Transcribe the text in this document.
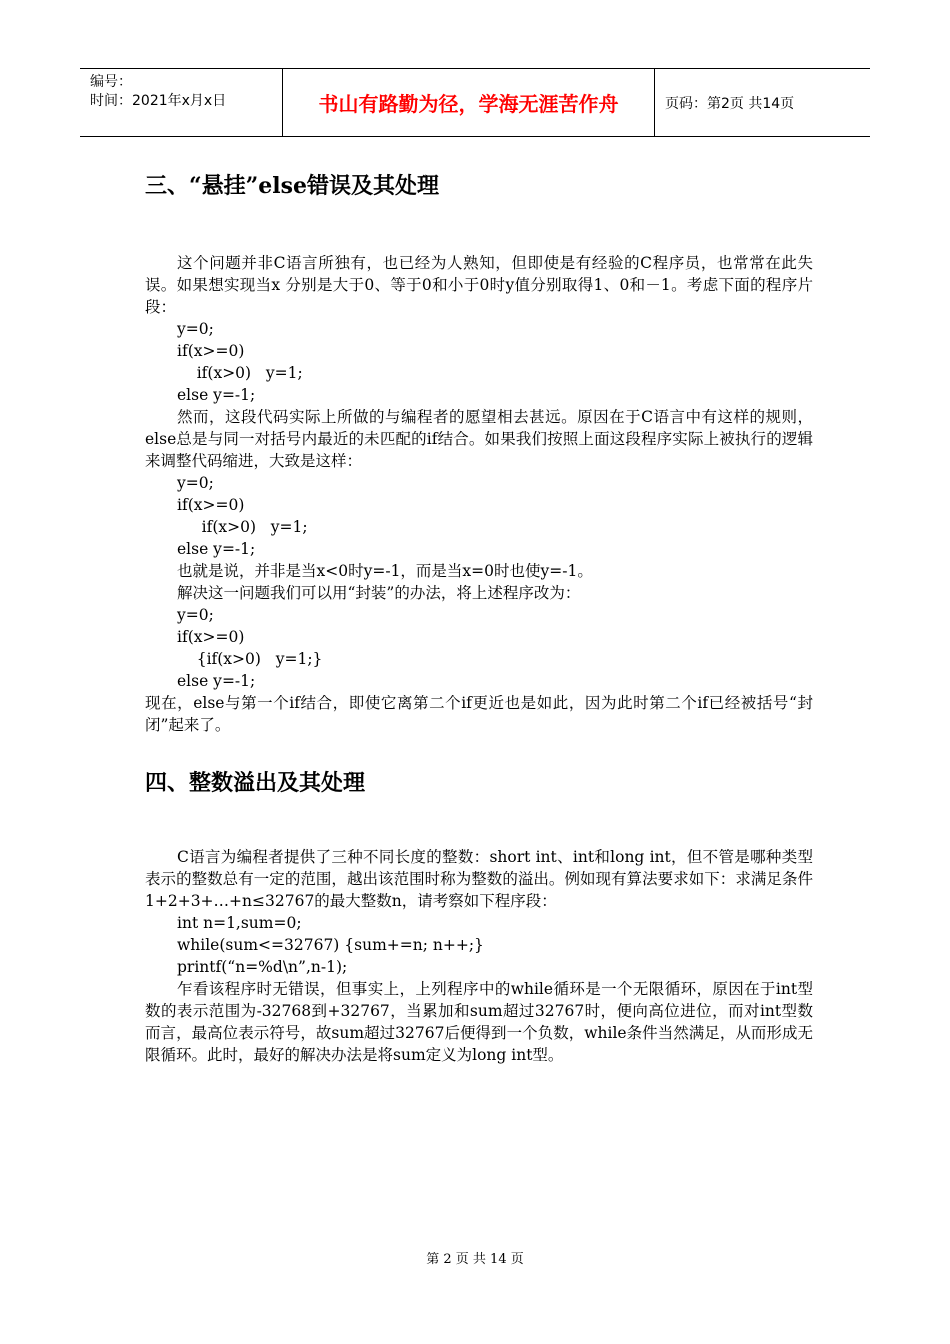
编号：
时间：2021年x月x日	书山有路勤为径，学海无涯苦作舟	页码：第2页 共14页
三、“悬挂”else错误及其处理

这个问题并非C语言所独有，也已经为人熟知，但即使是有经验的C程序员，也常常在此失误。如果想实现当x 分别是大于0、等于0和小于0时y值分别取得1、0和－1。考虑下面的程序片段：

y=0;
if(x>=0)
if(x>0)   y=1;
else y=-1;

然而，这段代码实际上所做的与编程者的愿望相去甚远。原因在于C语言中有这样的规则，else总是与同一对括号内最近的未匹配的if结合。如果我们按照上面这段程序实际上被执行的逻辑来调整代码缩进，大致是这样：

y=0;
if(x>=0)
if(x>0)   y=1;
else y=-1;

也就是说，并非是当x<0时y=-1，而是当x=0时也使y=-1。

解决这一问题我们可以用“封装”的办法，将上述程序改为：

y=0;
if(x>=0)
{if(x>0)   y=1;}
else y=-1;

现在，else与第一个if结合，即使它离第二个if更近也是如此，因为此时第二个if已经被括号“封闭”起来了。

四、整数溢出及其处理

C语言为编程者提供了三种不同长度的整数：short int、int和long int，但不管是哪种类型表示的整数总有一定的范围，越出该范围时称为整数的溢出。例如现有算法要求如下：求满足条件1+2+3+…+n≤32767的最大整数n，请考察如下程序段：

int n=1,sum=0;
while(sum<=32767) {sum+=n; n++;}
printf(“n=%d\n”,n-1);

乍看该程序时无错误，但事实上，上列程序中的while循环是一个无限循环，原因在于int型数的表示范围为-32768到+32767，当累加和sum超过32767时，便向高位进位，而对int型数而言，最高位表示符号，故sum超过32767后便得到一个负数，while条件当然满足，从而形成无限循环。此时，最好的解决办法是将sum定义为long int型。

第 2 页 共 14 页
